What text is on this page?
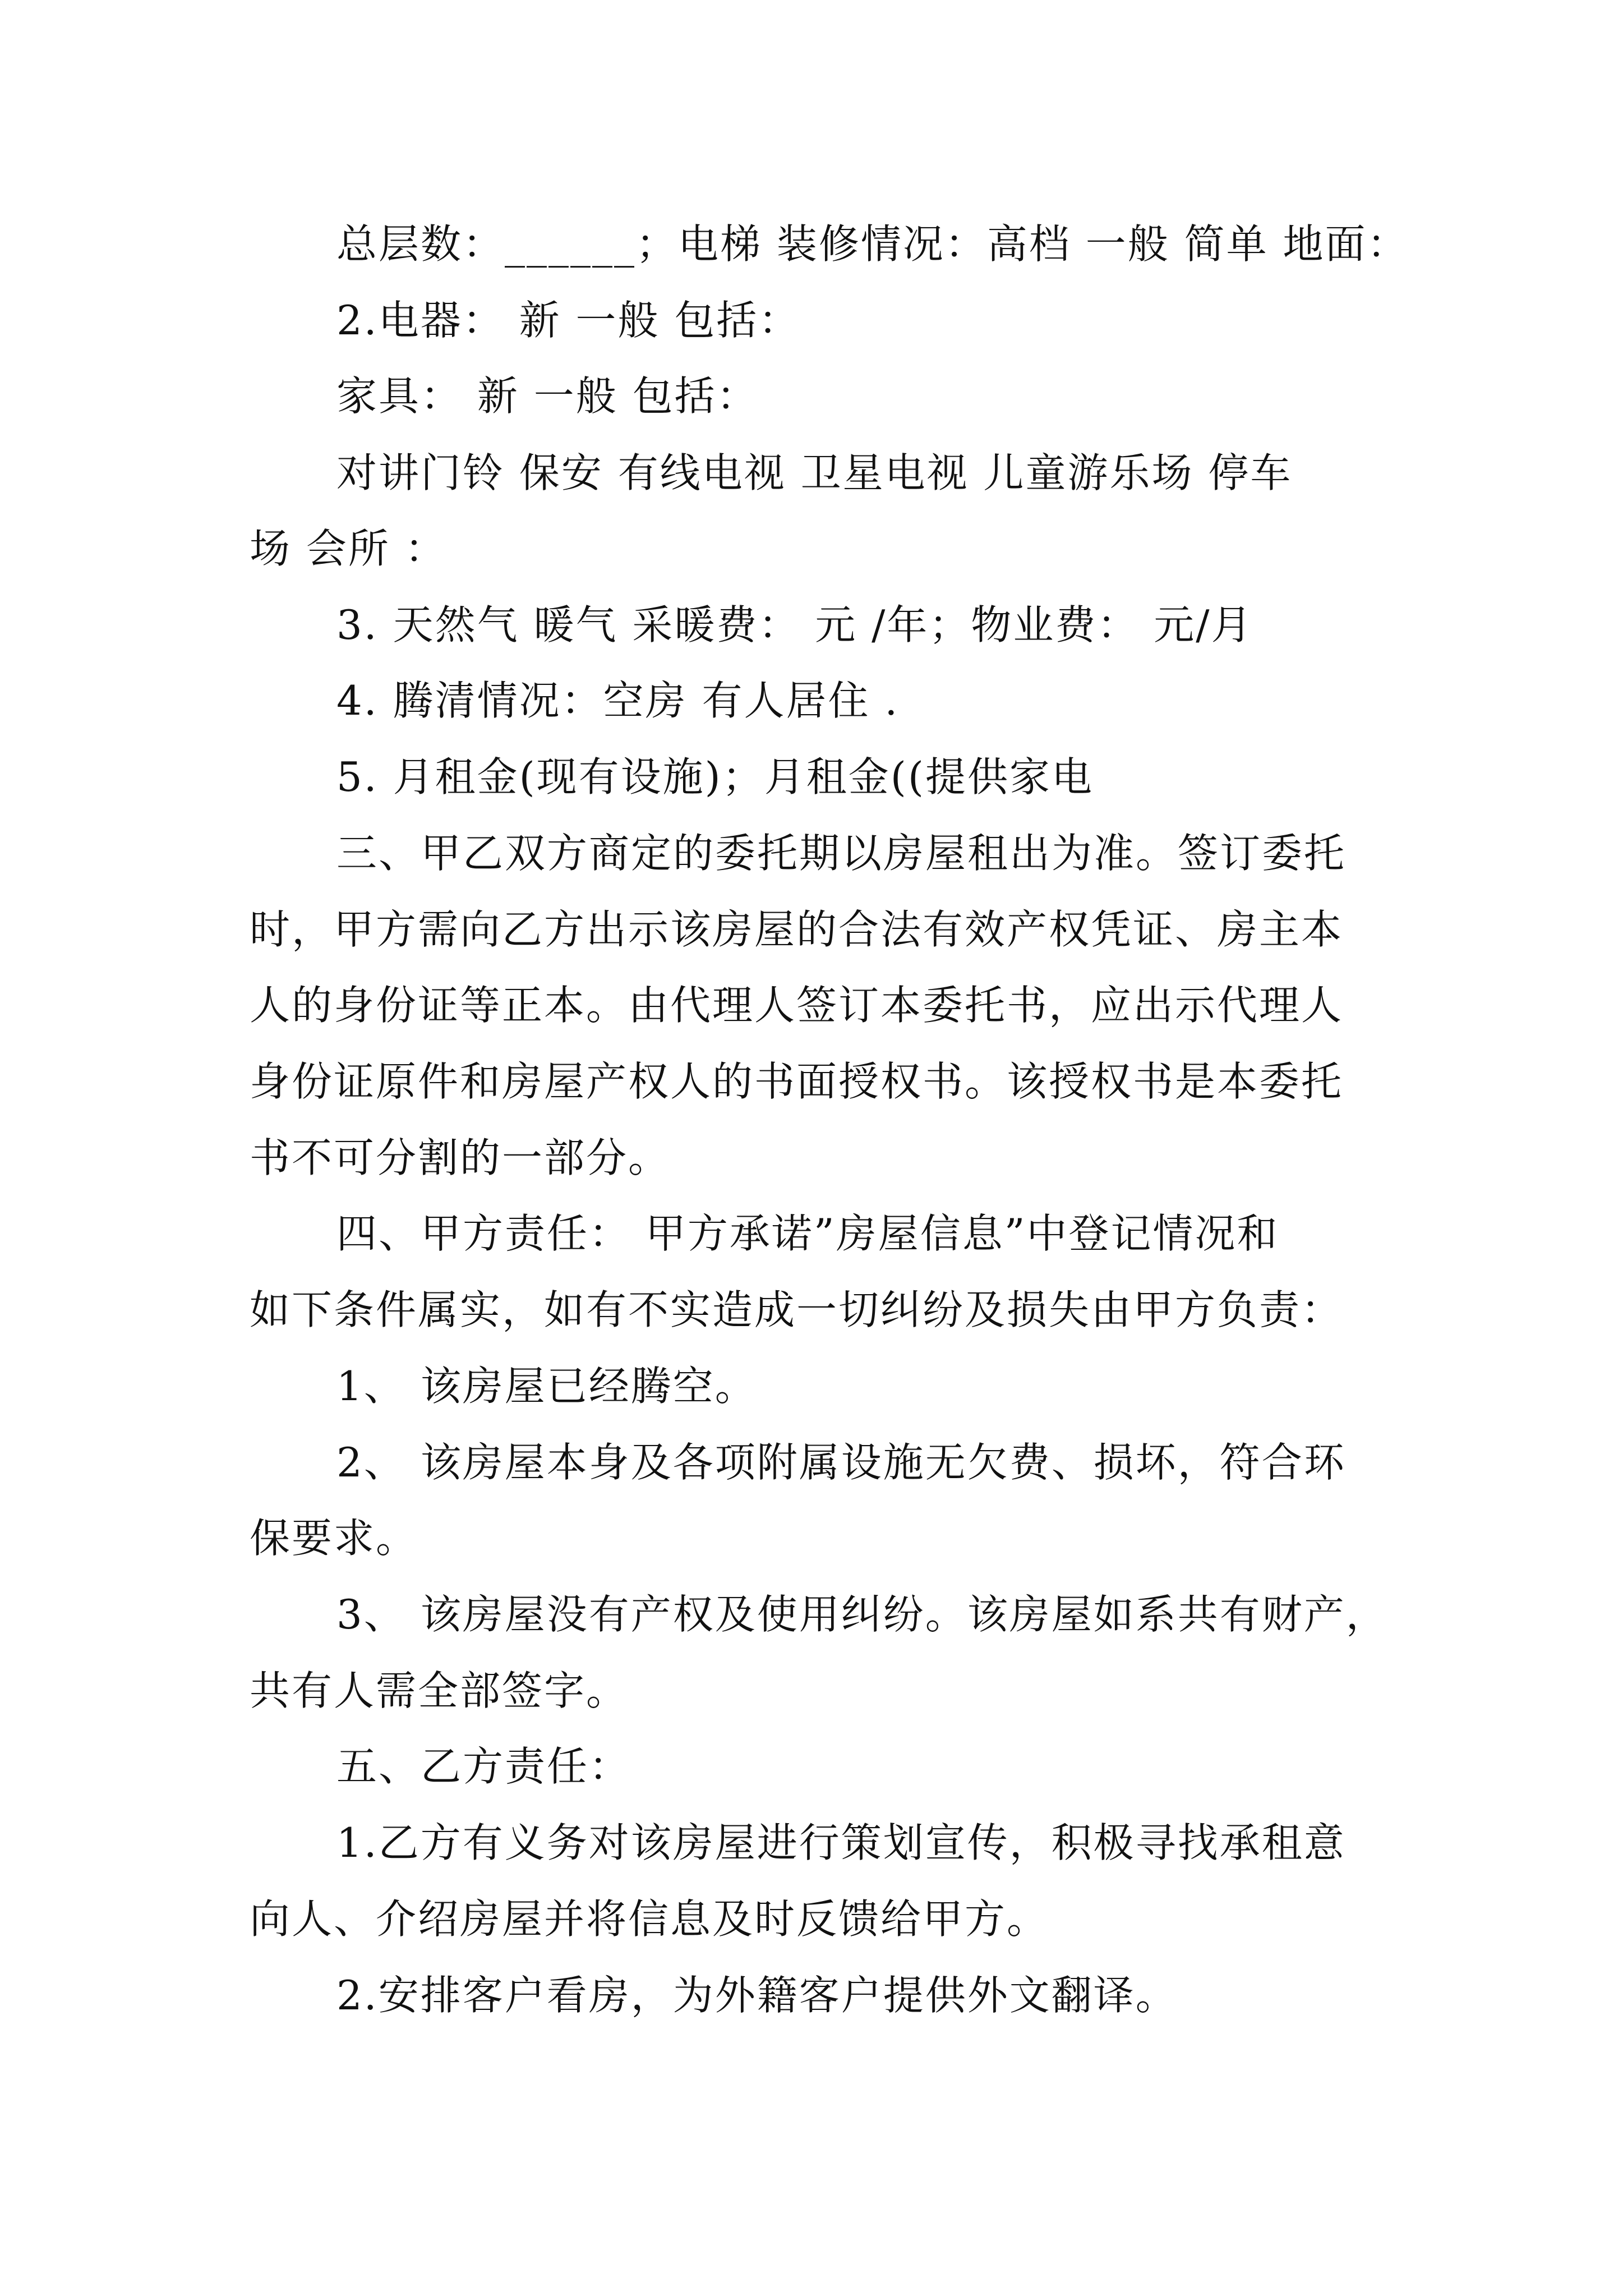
总层数：______；电梯 装修情况：高档 一般 简单 地面：
2.电器： 新 一般 包括：
家具： 新 一般 包括：
对讲门铃 保安 有线电视 卫星电视 儿童游乐场 停车
场 会所 ：
3. 天然气 暖气 采暖费： 元 /年；物业费： 元/月
4. 腾清情况：空房 有人居住 .
5. 月租金(现有设施)；月租金((提供家电
三、甲乙双方商定的委托期以房屋租出为准。签订委托
时，甲方需向乙方出示该房屋的合法有效产权凭证、房主本
人的身份证等正本。由代理人签订本委托书，应出示代理人
身份证原件和房屋产权人的书面授权书。该授权书是本委托
书不可分割的一部分。
四、甲方责任： 甲方承诺”房屋信息”中登记情况和
如下条件属实，如有不实造成一切纠纷及损失由甲方负责：
1、 该房屋已经腾空。
2、 该房屋本身及各项附属设施无欠费、损坏，符合环
保要求。
3、 该房屋没有产权及使用纠纷。该房屋如系共有财产，
共有人需全部签字。
五、乙方责任：
1.乙方有义务对该房屋进行策划宣传，积极寻找承租意
向人、介绍房屋并将信息及时反馈给甲方。
2.安排客户看房，为外籍客户提供外文翻译。
